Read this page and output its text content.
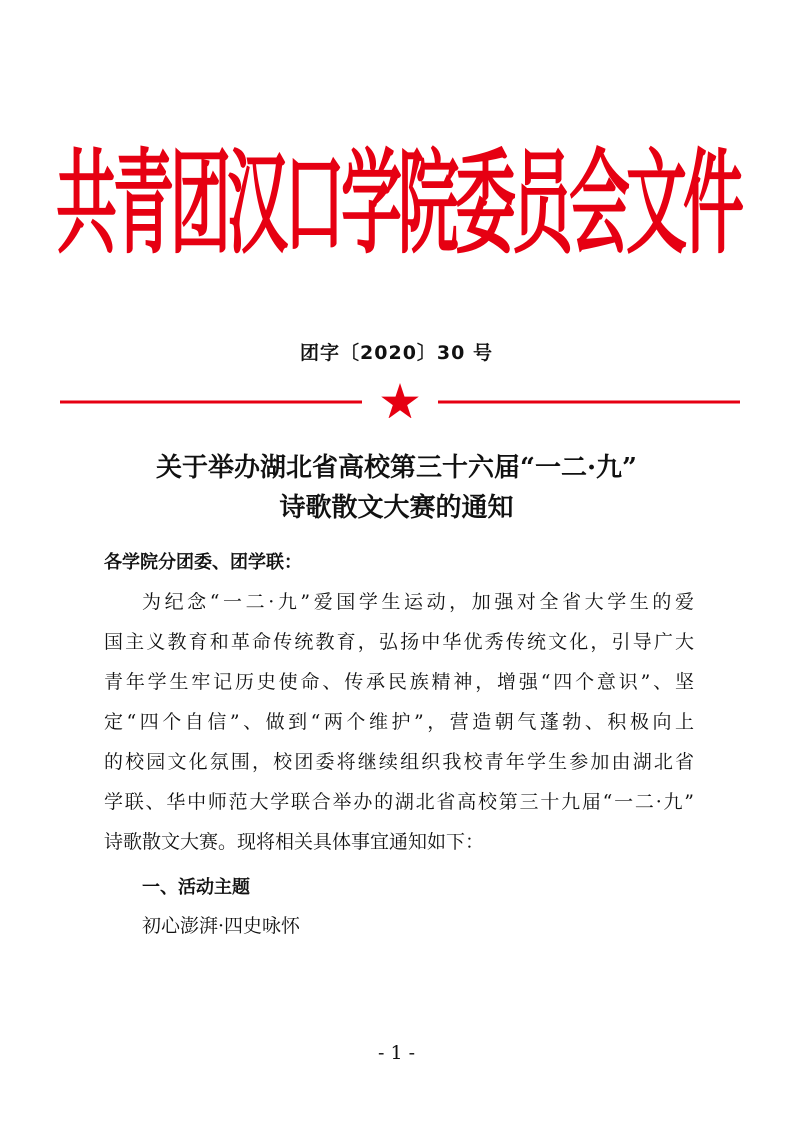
共青团汉口学院委员会文件
团字〔2020〕30 号
关于举办湖北省高校第三十六届“一二·九”
诗歌散文大赛的通知
各学院分团委、团学联：
为纪念“一二·九”爱国学生运动，加强对全省大学生的爱
国主义教育和革命传统教育，弘扬中华优秀传统文化，引导广大
青年学生牢记历史使命、传承民族精神，增强“四个意识”、坚
定“四个自信”、做到“两个维护”，营造朝气蓬勃、积极向上
的校园文化氛围，校团委将继续组织我校青年学生参加由湖北省
学联、华中师范大学联合举办的湖北省高校第三十九届“一二·九”
诗歌散文大赛。现将相关具体事宜通知如下：
一、活动主题
初心澎湃·四史咏怀
- 1 -
